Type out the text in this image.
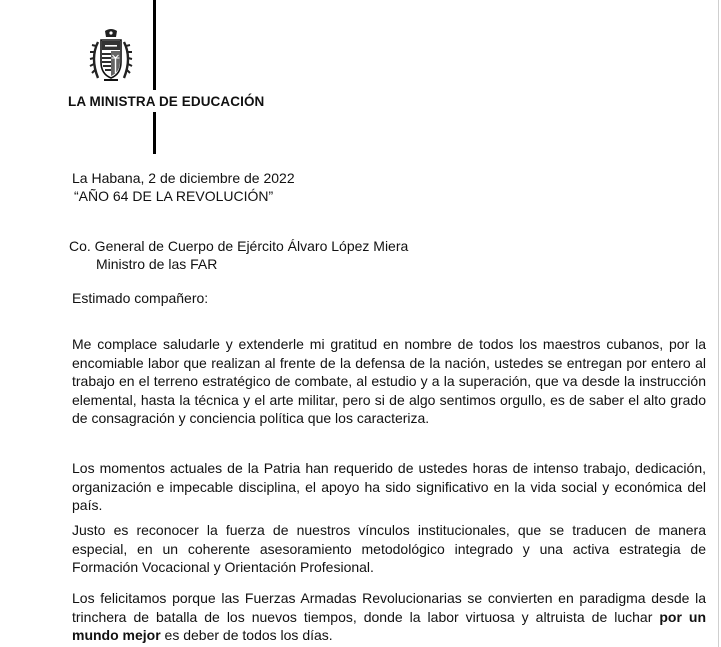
LA MINISTRA DE EDUCACIÓN
La Habana, 2 de diciembre de 2022
“AÑO 64 DE LA REVOLUCIÓN”
Co. General de Cuerpo de Ejército Álvaro López Miera
Ministro de las FAR
Estimado compañero:
Me complace saludarle y extenderle mi gratitud en nombre de todos los maestros cubanos, por la encomiable labor que realizan al frente de la defensa de la nación, ustedes se entregan por entero al trabajo en el terreno estratégico de combate, al estudio y a la superación, que va desde la instrucción elemental, hasta la técnica y el arte militar, pero si de algo sentimos orgullo, es de saber el alto grado de consagración y conciencia política que los caracteriza.
Los momentos actuales de la Patria han requerido de ustedes horas de intenso trabajo, dedicación, organización e impecable disciplina, el apoyo ha sido significativo en la vida social y económica del país.
Justo es reconocer la fuerza de nuestros vínculos institucionales, que se traducen de manera especial, en un coherente asesoramiento metodológico integrado y una activa estrategia de Formación Vocacional y Orientación Profesional.
Los felicitamos porque las Fuerzas Armadas Revolucionarias se convierten en paradigma desde la trinchera de batalla de los nuevos tiempos, donde la labor virtuosa y altruista de luchar por un mundo mejor es deber de todos los días.
